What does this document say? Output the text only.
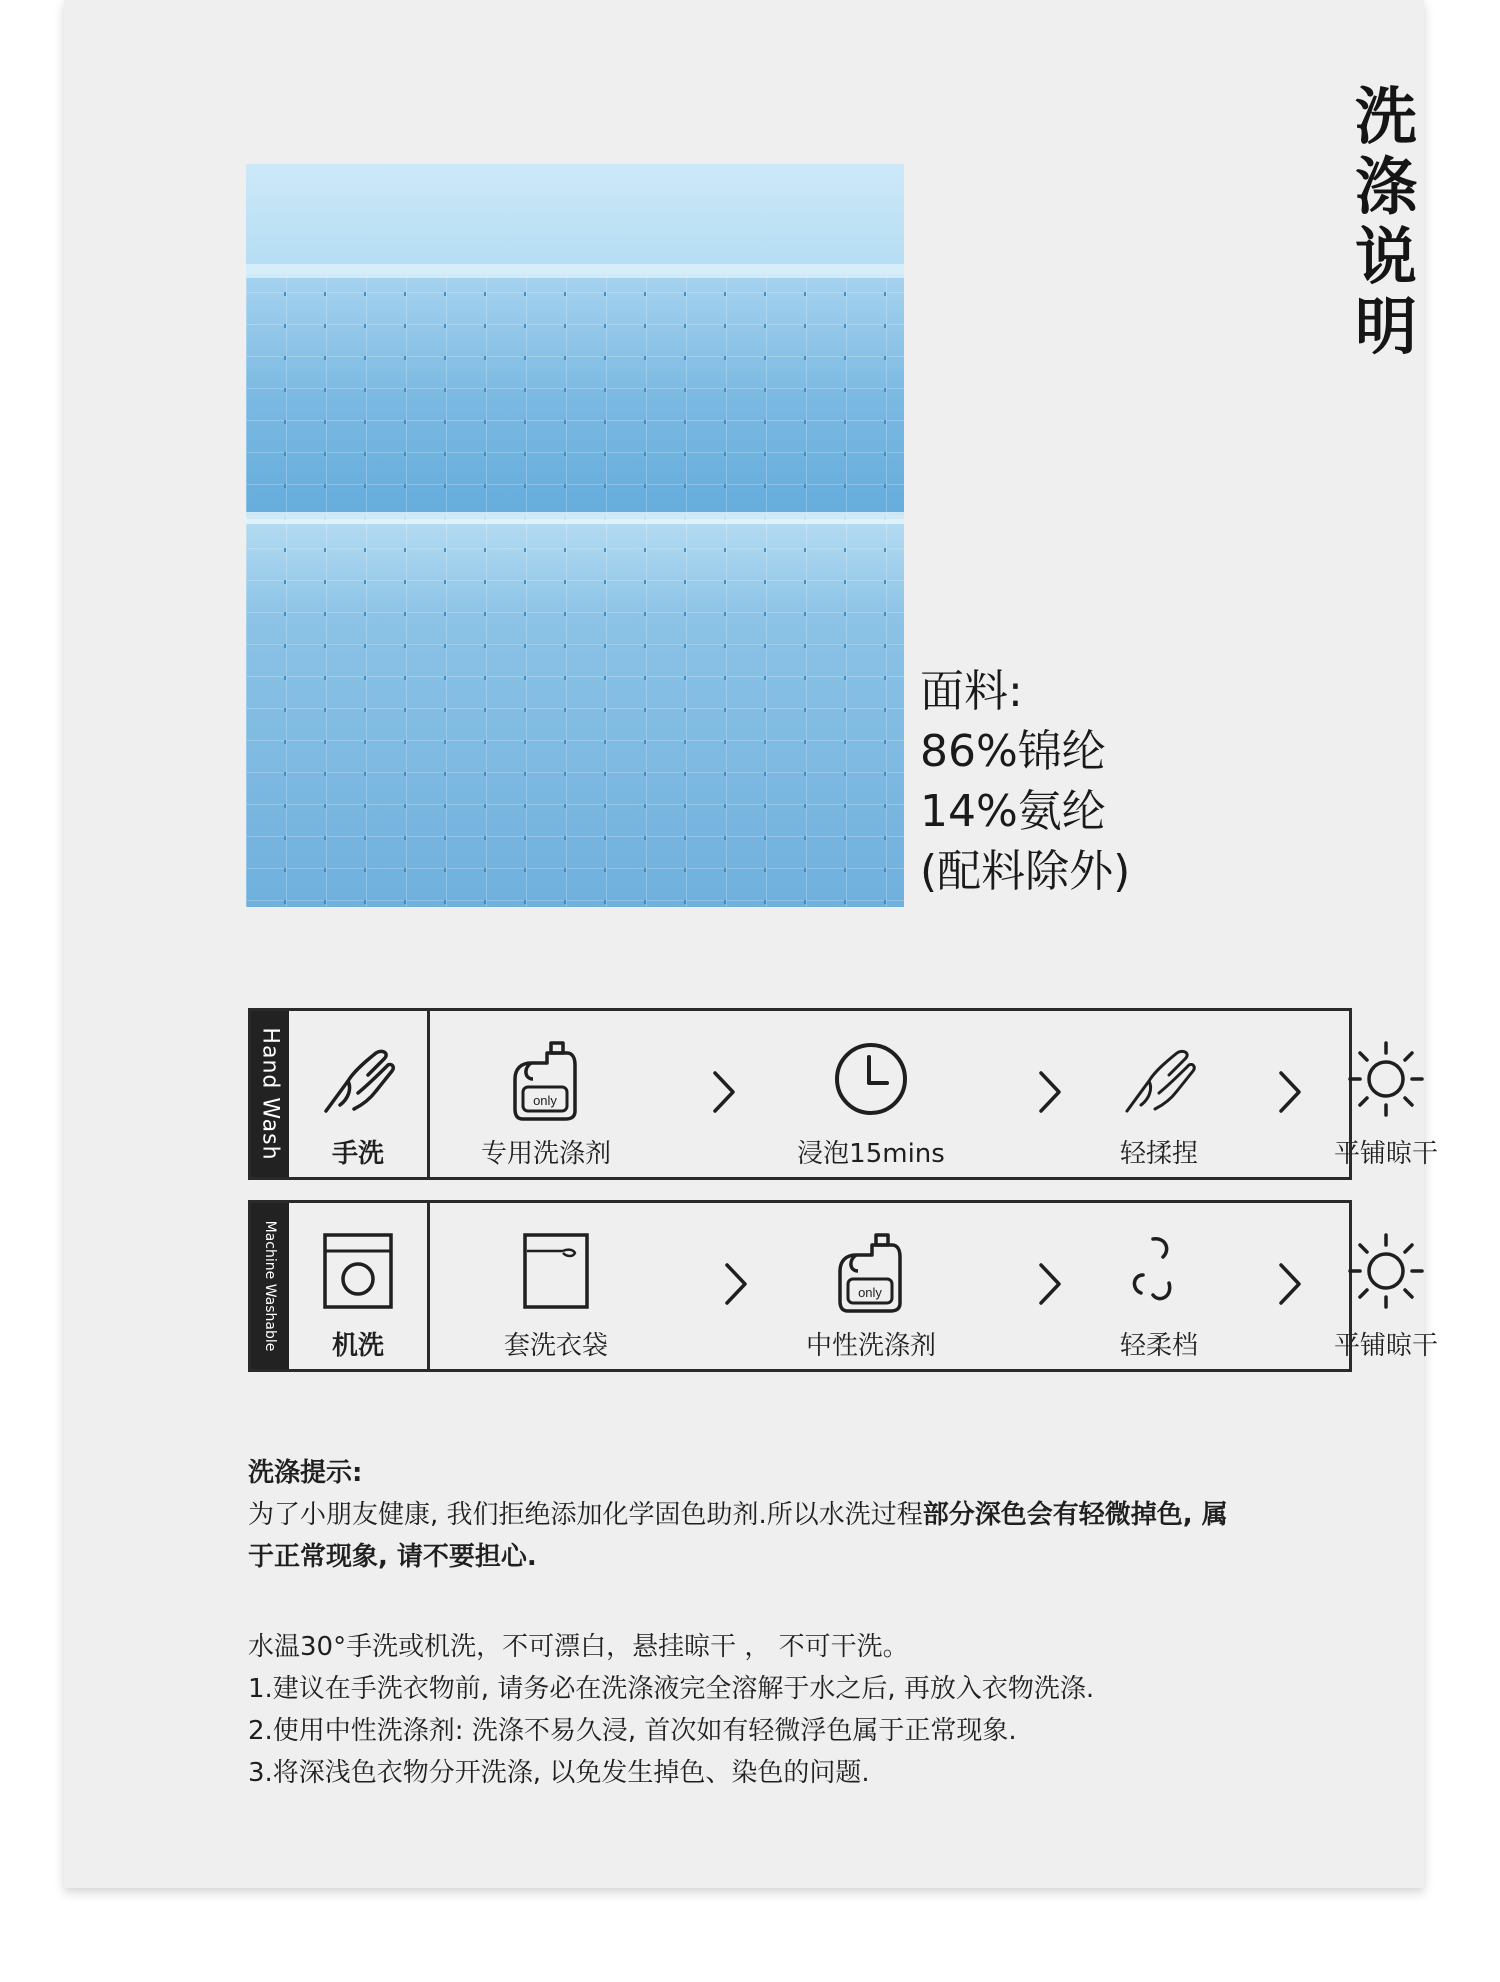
洗涤说明
面料:
86%锦纶
14%氨纶
(配料除外)
Hand Wash	手洗
only
专用洗涤剂	浸泡15mins	轻揉捏	平铺晾干
Machine Washable	机洗	套洗衣袋
only
中性洗涤剂	轻柔档	平铺晾干
洗涤提示:
为了小朋友健康, 我们拒绝添加化学固色助剂.所以水洗过程部分深色会有轻微掉色, 属
于正常现象, 请不要担心.
水温30°手洗或机洗，不可漂白，悬挂晾干 ， 不可干洗。
1.建议在手洗衣物前, 请务必在洗涤液完全溶解于水之后, 再放入衣物洗涤.
2.使用中性洗涤剂: 洗涤不易久浸, 首次如有轻微浮色属于正常现象.
3.将深浅色衣物分开洗涤, 以免发生掉色、染色的问题.
